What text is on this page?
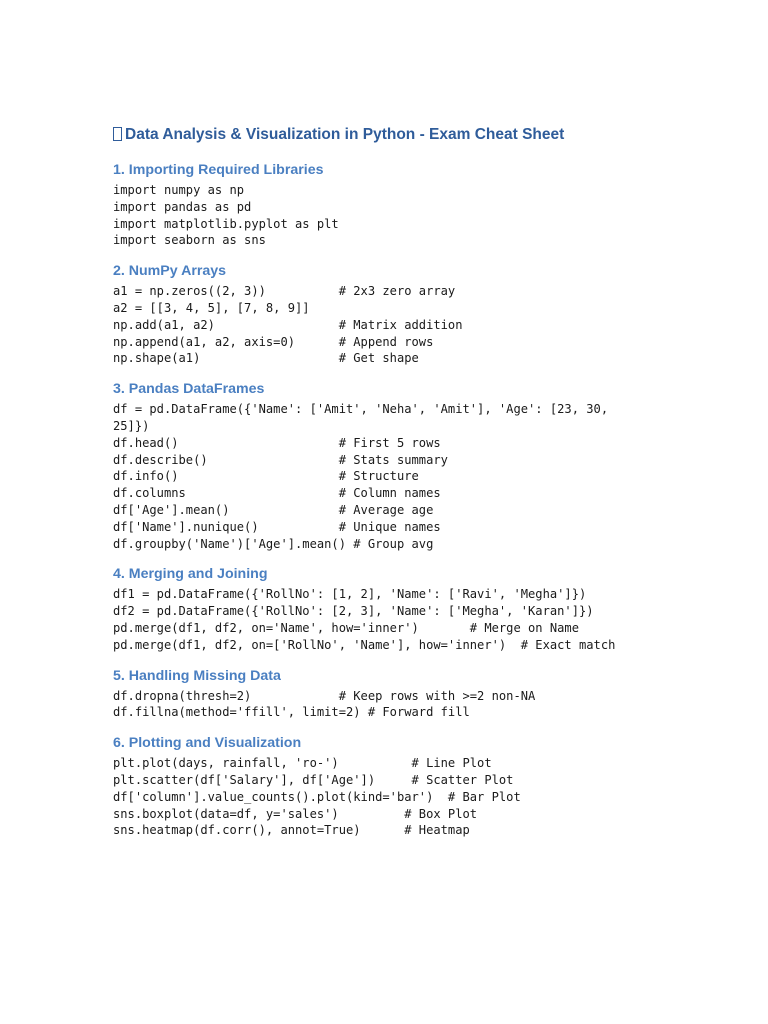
Data Analysis & Visualization in Python - Exam Cheat Sheet
1. Importing Required Libraries
import numpy as np
import pandas as pd
import matplotlib.pyplot as plt
import seaborn as sns
2. NumPy Arrays
a1 = np.zeros((2, 3))          # 2x3 zero array
a2 = [[3, 4, 5], [7, 8, 9]]
np.add(a1, a2)                 # Matrix addition
np.append(a1, a2, axis=0)      # Append rows
np.shape(a1)                   # Get shape
3. Pandas DataFrames
df = pd.DataFrame({'Name': ['Amit', 'Neha', 'Amit'], 'Age': [23, 30,
25]})
df.head()                      # First 5 rows
df.describe()                  # Stats summary
df.info()                      # Structure
df.columns                     # Column names
df['Age'].mean()               # Average age
df['Name'].nunique()           # Unique names
df.groupby('Name')['Age'].mean() # Group avg
4. Merging and Joining
df1 = pd.DataFrame({'RollNo': [1, 2], 'Name': ['Ravi', 'Megha']})
df2 = pd.DataFrame({'RollNo': [2, 3], 'Name': ['Megha', 'Karan']})
pd.merge(df1, df2, on='Name', how='inner')       # Merge on Name
pd.merge(df1, df2, on=['RollNo', 'Name'], how='inner')  # Exact match
5. Handling Missing Data
df.dropna(thresh=2)            # Keep rows with >=2 non-NA
df.fillna(method='ffill', limit=2) # Forward fill
6. Plotting and Visualization
plt.plot(days, rainfall, 'ro-')          # Line Plot
plt.scatter(df['Salary'], df['Age'])     # Scatter Plot
df['column'].value_counts().plot(kind='bar')  # Bar Plot
sns.boxplot(data=df, y='sales')         # Box Plot
sns.heatmap(df.corr(), annot=True)      # Heatmap
